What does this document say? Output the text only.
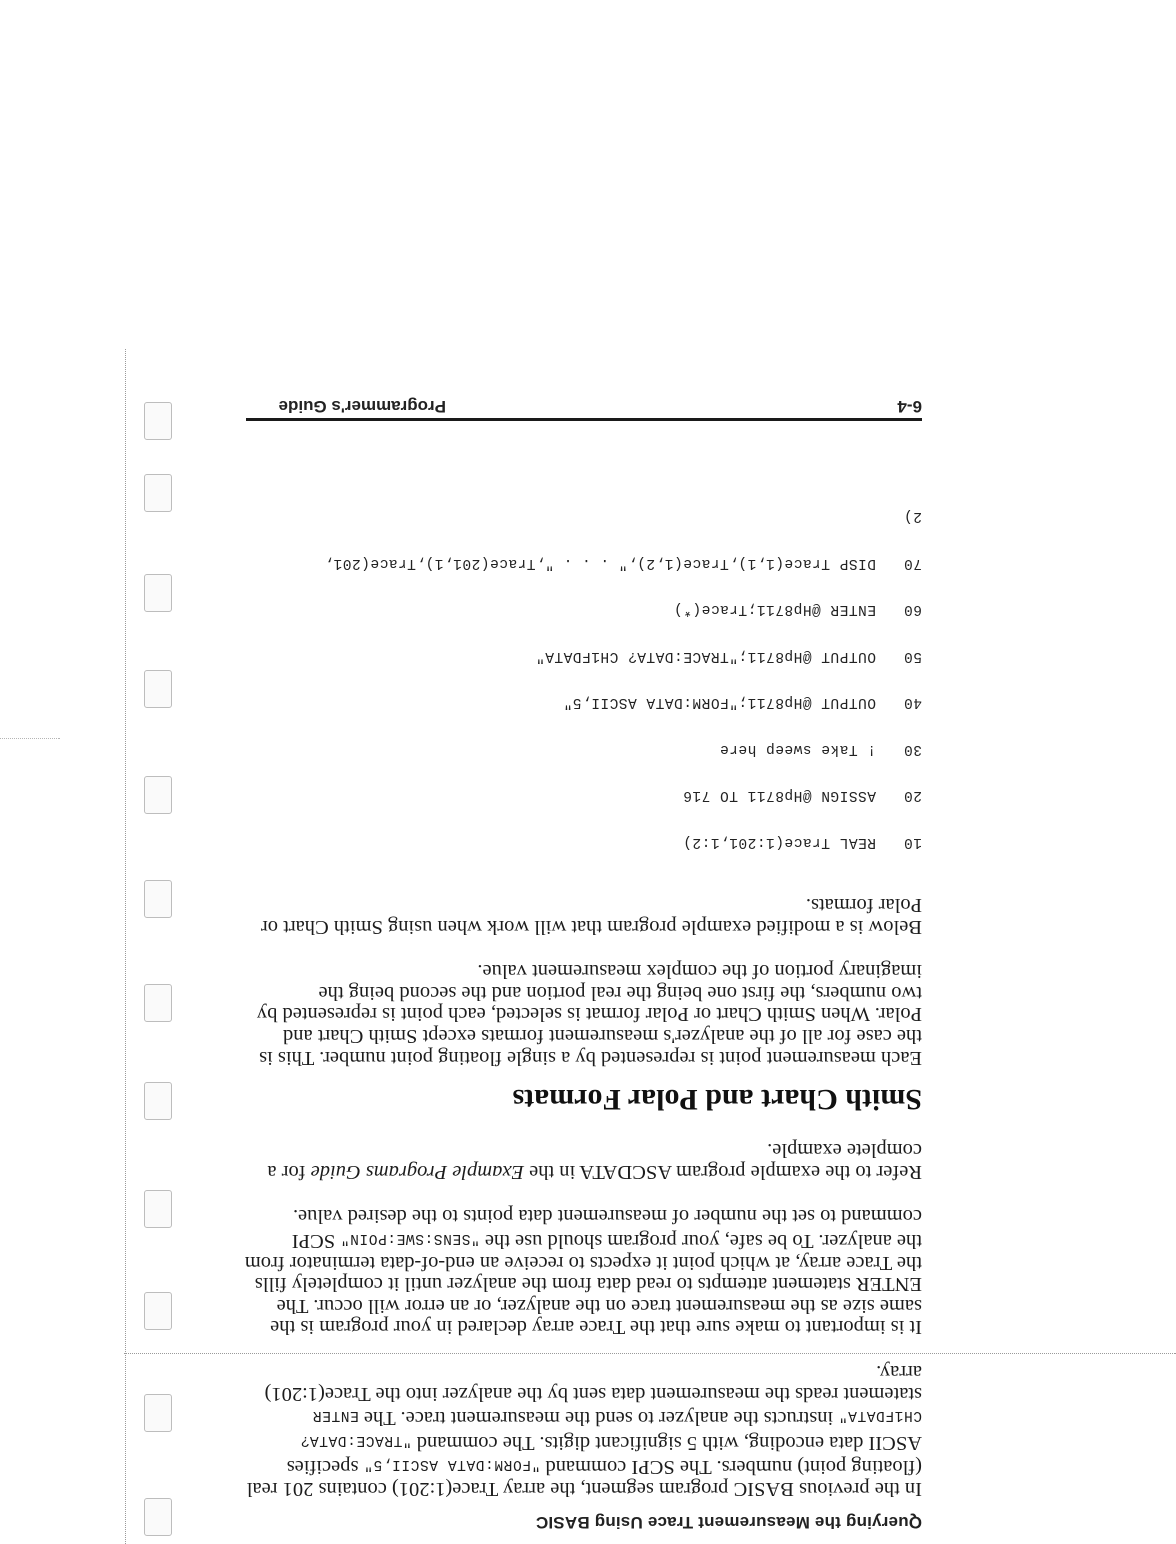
Querying the Measurement Trace Using BASIC

In the previous BASIC program segment, the array Trace(1:201) contains 201 real (floating point) numbers. The SCPI command "FORM:DATA ASCII,5" specifies ASCII data encoding, with 5 significant digits. The command "TRACE:DATA? CH1FDATA" instructs the analyzer to send the measurement trace. The ENTER statement reads the measurement data sent by the analyzer into the Trace(1:201) array.

It is important to make sure that the Trace array declared in your program is the same size as the measurement trace on the analyzer, or an error will occur. The ENTER statement attempts to read data from the analyzer until it completely fills the Trace array, at which point it expects to receive an end-of-data terminator from the analyzer. To be safe, your program should use the "SENS:SWE:POIN" SCPI command to set the number of measurement data points to the desired value.

Refer to the example program ASCDATA in the Example Programs Guide for a complete example.

Smith Chart and Polar Formats

Each measurement point is represented by a single floating point number. This is the case for all of the analyzer's measurement formats except Smith Chart and Polar. When Smith Chart or Polar format is selected, each point is represented by two numbers, the first one being the real portion and the second being the imaginary portion of the complex measurement value.

Below is a modified example program that will work when using Smith Chart or Polar formats.

10   REAL Trace(1:201,1:2)

20   ASSIGN @Hp8711 TO 716

30   ! Take sweep here

40   OUTPUT @Hp8711;"FORM:DATA ASCII,5"

50   OUTPUT @Hp8711;"TRACE:DATA? CH1FDATA"

60   ENTER @Hp8711;Trace(*)

70   DISP Trace(1,1),Trace(1,2)," . . . ",Trace(201,1),Trace(201,

2)

6-4
Programmer's Guide
